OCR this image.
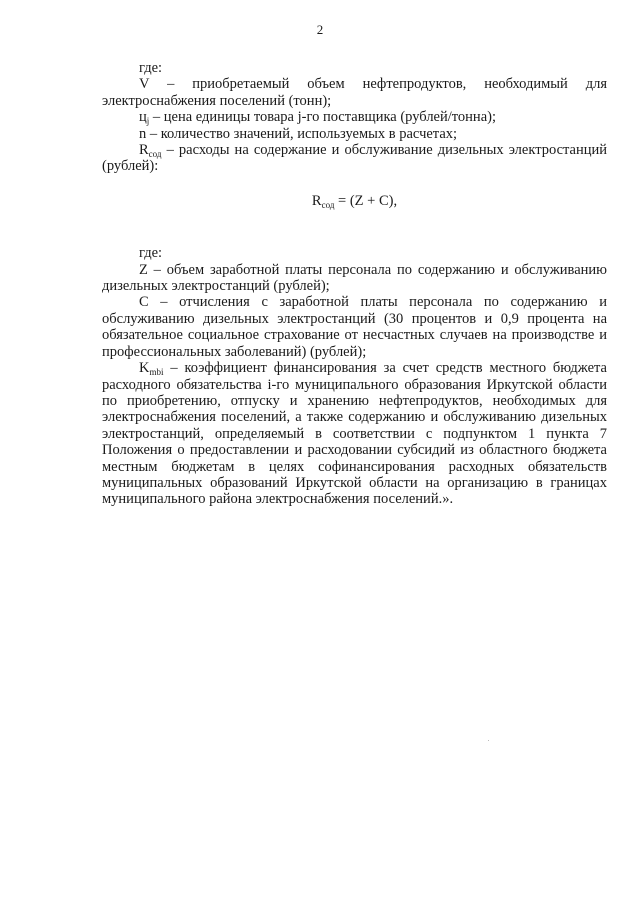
2

где:

V – приобретаемый объем нефтепродуктов, необходимый для электроснабжения поселений (тонн);

$ц_j$ – цена единицы товара j-го поставщика (рублей/тонна);

n – количество значений, используемых в расчетах;

$R_{сод}$ – расходы на содержание и обслуживание дизельных электростанций (рублей):

$R_{сод} = (Z + C)$,

где:

Z – объем заработной платы персонала по содержанию и обслуживанию дизельных электростанций (рублей);

C – отчисления с заработной платы персонала по содержанию и обслуживанию дизельных электростанций (30 процентов и 0,9 процента на обязательное социальное страхование от несчастных случаев на производстве и профессиональных заболеваний) (рублей);

$K_{mbi}$ – коэффициент финансирования за счет средств местного бюджета расходного обязательства i-го муниципального образования Иркутской области по приобретению, отпуску и хранению нефтепродуктов, необходимых для электроснабжения поселений, а также содержанию и обслуживанию дизельных электростанций, определяемый в соответствии с подпунктом 1 пункта 7 Положения о предоставлении и расходовании субсидий из областного бюджета местным бюджетам в целях софинансирования расходных обязательств муниципальных образований Иркутской области на организацию в границах муниципального района электроснабжения поселений.».
